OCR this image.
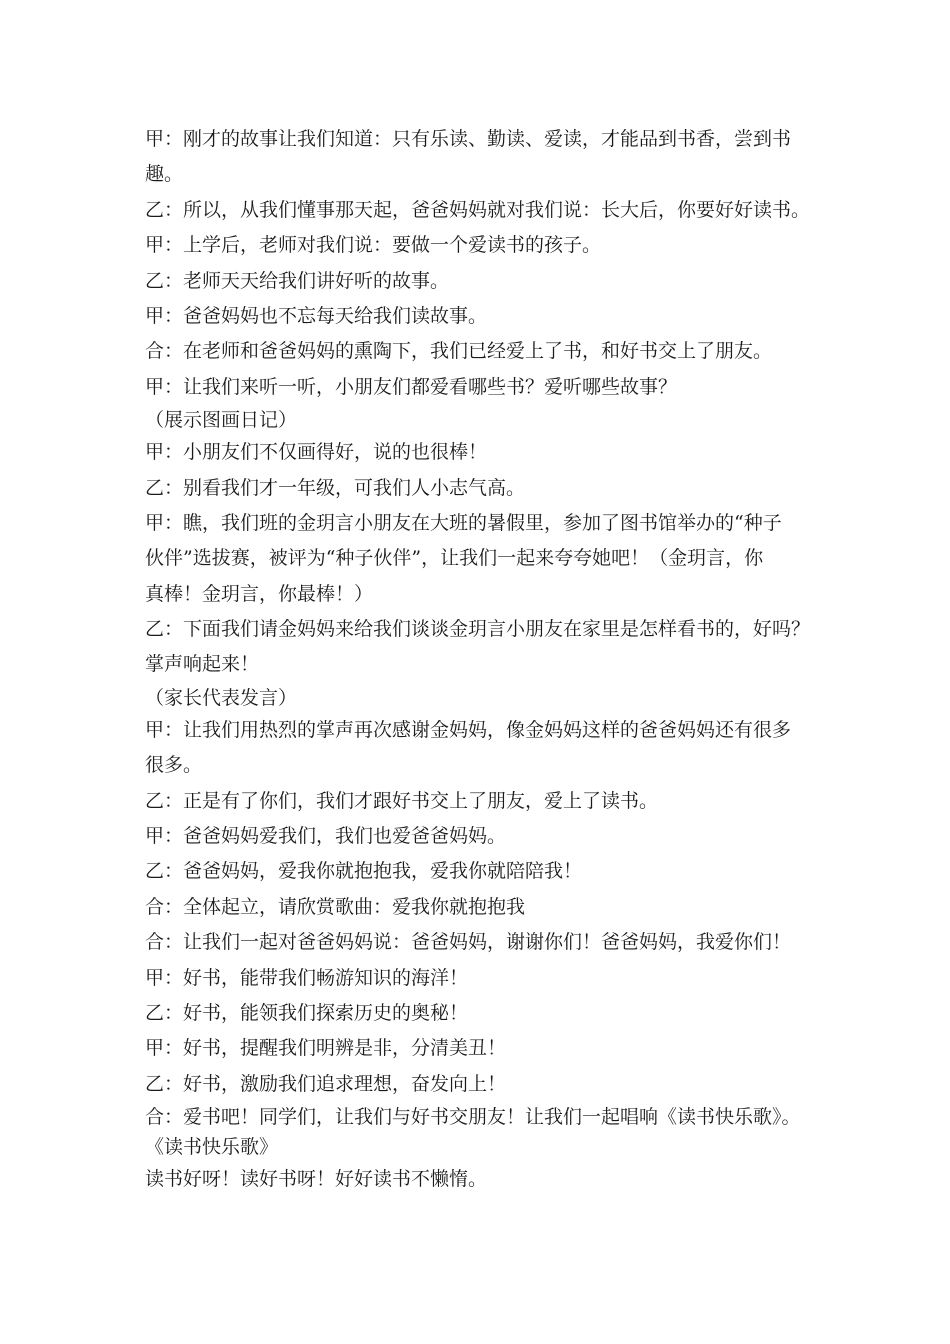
甲：刚才的故事让我们知道：只有乐读、勤读、爱读，才能品到书香，尝到书
趣。
乙：所以，从我们懂事那天起，爸爸妈妈就对我们说：长大后，你要好好读书。
甲：上学后，老师对我们说：要做一个爱读书的孩子。
乙：老师天天给我们讲好听的故事。
甲：爸爸妈妈也不忘每天给我们读故事。
合：在老师和爸爸妈妈的熏陶下，我们已经爱上了书，和好书交上了朋友。
甲：让我们来听一听，小朋友们都爱看哪些书？爱听哪些故事？
（展示图画日记）
甲：小朋友们不仅画得好，说的也很棒！
乙：别看我们才一年级，可我们人小志气高。
甲：瞧，我们班的金玥言小朋友在大班的暑假里，参加了图书馆举办的“种子
伙伴”选拔赛，被评为“种子伙伴”，让我们一起来夸夸她吧！（金玥言，你
真棒！金玥言，你最棒！）
乙：下面我们请金妈妈来给我们谈谈金玥言小朋友在家里是怎样看书的，好吗？
掌声响起来！
（家长代表发言）
甲：让我们用热烈的掌声再次感谢金妈妈，像金妈妈这样的爸爸妈妈还有很多
很多。
乙：正是有了你们，我们才跟好书交上了朋友，爱上了读书。
甲：爸爸妈妈爱我们，我们也爱爸爸妈妈。
乙：爸爸妈妈，爱我你就抱抱我，爱我你就陪陪我！
合：全体起立，请欣赏歌曲：爱我你就抱抱我
合：让我们一起对爸爸妈妈说：爸爸妈妈，谢谢你们！爸爸妈妈，我爱你们！
甲：好书，能带我们畅游知识的海洋！
乙：好书，能领我们探索历史的奥秘！
甲：好书，提醒我们明辨是非，分清美丑！
乙：好书，激励我们追求理想，奋发向上！
合：爱书吧！同学们，让我们与好书交朋友！让我们一起唱响《读书快乐歌》。
《读书快乐歌》
读书好呀！读好书呀！好好读书不懒惰。
